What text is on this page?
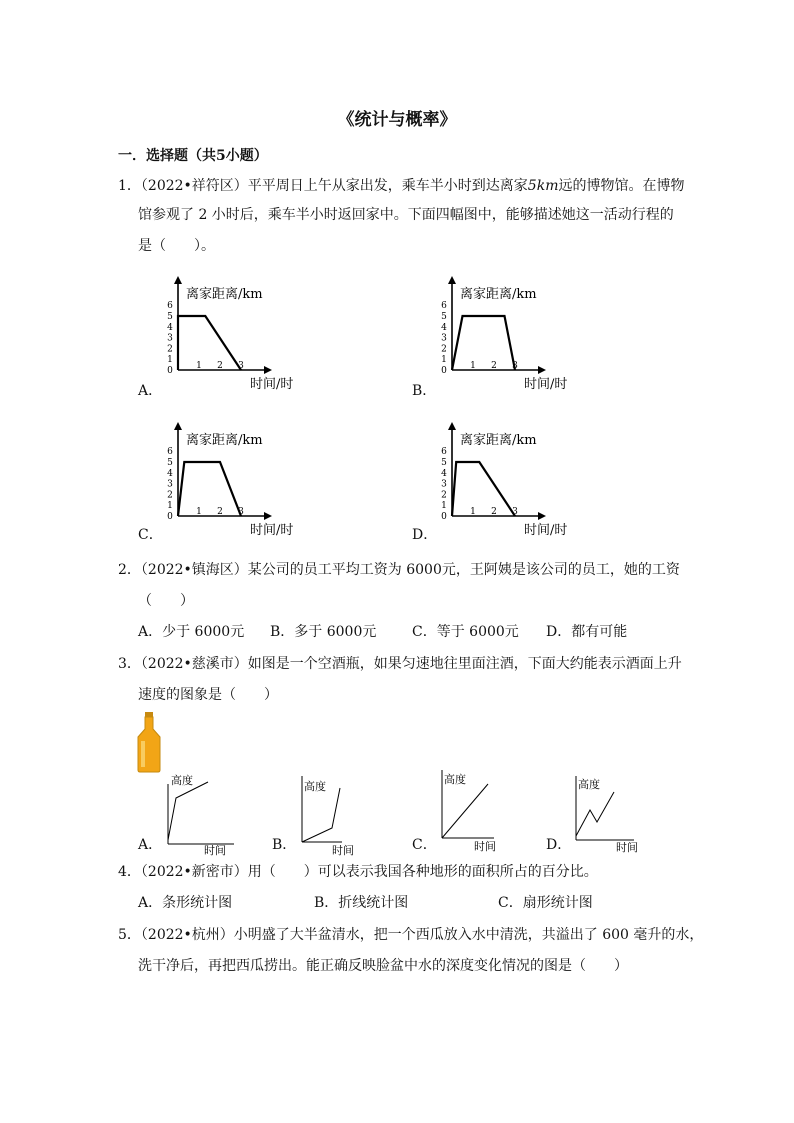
《统计与概率》
一．选择题（共5小题）
1．（2022•祥符区）平平周日上午从家出发，乘车半小时到达离家5km远的博物馆。在博物
馆参观了 2 小时后，乘车半小时返回家中。下面四幅图中，能够描述她这一活动行程的
是（　　）。
A．
0
1
2
3
4
5
6
1 2 3
离家距离/km
时间/时	B．
0
1
2
3
4
5
6
1 2 3
离家距离/km
时间/时
C．
0
1
2
3
4
5
6
1 2 3
离家距离/km
时间/时	D．
0
1
2
3
4
5
6
1 2 3
离家距离/km
时间/时
2．（2022•镇海区）某公司的员工平均工资为 6000元，王阿姨是该公司的员工，她的工资
（　　）
A．少于 6000元 B．多于 6000元	C．等于 6000元 D．都有可能
3．（2022•慈溪市）如图是一个空酒瓶，如果匀速地往里面注酒，下面大约能表示酒面上升
速度的图象是（　　）
A．
高度
时间	B．
高度
时间	C．
高度
时间	D．
高度
时间
4．（2022•新密市）用（　　）可以表示我国各种地形的面积所占的百分比。
A．条形统计图	B．折线统计图	C．扇形统计图
5．（2022•杭州）小明盛了大半盆清水，把一个西瓜放入水中清洗，共溢出了 600 毫升的水，
洗干净后，再把西瓜捞出。能正确反映脸盆中水的深度变化情况的图是（　　）
